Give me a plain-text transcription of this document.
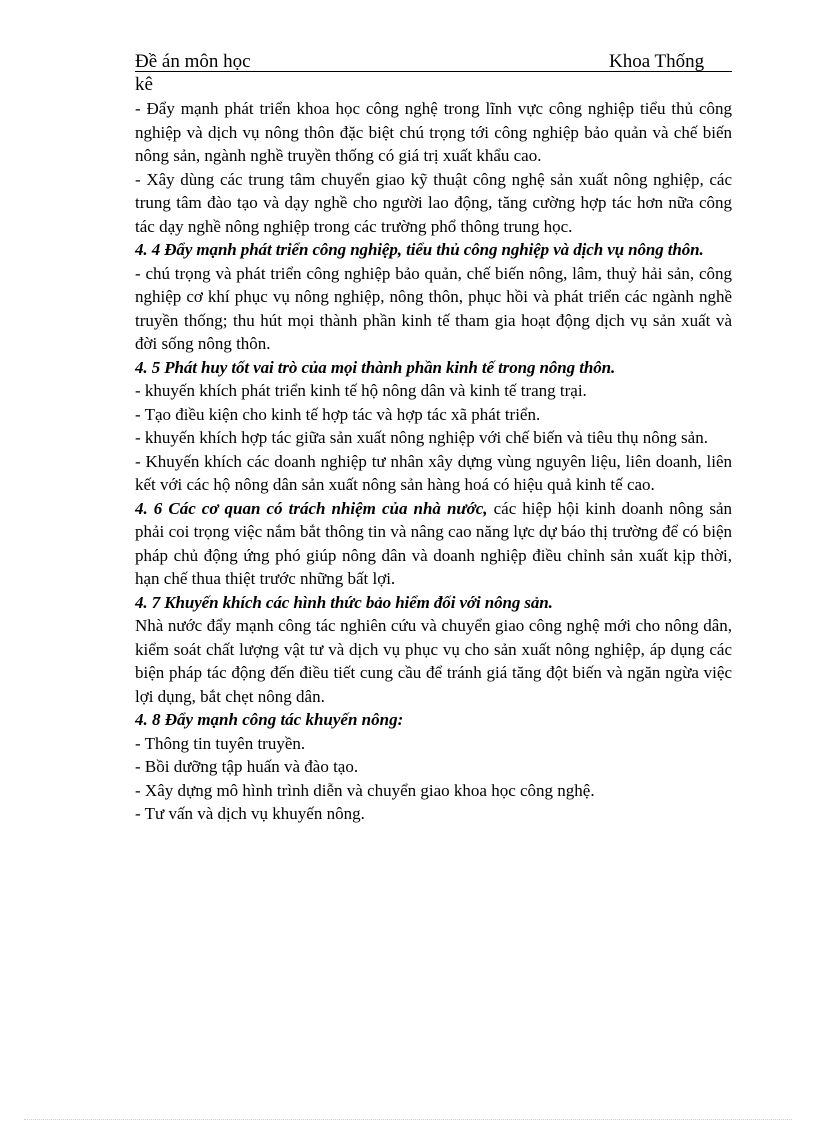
Đề án môn học	Khoa Thống
kê

- Đẩy mạnh phát triển khoa học công nghệ trong lĩnh vực công nghiệp tiểu thủ công nghiệp và dịch vụ nông thôn đặc biệt chú trọng tới công nghiệp bảo quản và chế biến nông sản, ngành nghề truyền thống có giá trị xuất khẩu cao.

- Xây dùng các trung tâm chuyển giao kỹ thuật công nghệ sản xuất nông nghiệp, các trung tâm đào tạo và dạy nghề cho người lao động, tăng cường hợp tác hơn nữa công tác dạy nghề nông nghiệp trong các trường phổ thông trung học.

4. 4 Đẩy mạnh phát triển công nghiệp, tiểu thủ công nghiệp và dịch vụ nông thôn.

- chú trọng và phát triển công nghiệp bảo quản, chế biến nông, lâm, thuỷ hải sản, công nghiệp cơ khí phục vụ nông nghiệp, nông thôn, phục hồi và phát triển các ngành nghề truyền thống; thu hút mọi thành phần kinh tế tham gia hoạt động dịch vụ sản xuất và đời sống nông thôn.

4. 5 Phát huy tốt vai trò của mọi thành phần kinh tế trong nông thôn.

- khuyến khích phát triển kinh tế hộ nông dân và kinh tế trang trại.

- Tạo điều kiện cho kinh tế hợp tác và hợp tác xã phát triển.

- khuyến khích hợp tác giữa sản xuất nông nghiệp với chế biến và tiêu thụ nông sản.

- Khuyến khích các doanh nghiệp tư nhân xây dựng vùng nguyên liệu, liên doanh, liên kết với các hộ nông dân sản xuất nông sản hàng hoá có hiệu quả kinh tế cao.

4. 6 Các cơ quan có trách nhiệm của nhà nước, các hiệp hội kinh doanh nông sản phải coi trọng việc nắm bắt thông tin và nâng cao năng lực dự báo thị trường để có biện pháp chủ động ứng phó giúp nông dân và doanh nghiệp điều chỉnh sản xuất kịp thời, hạn chế thua thiệt trước những bất lợi.

4. 7 Khuyến khích các hình thức bảo hiểm đối với nông sản.

Nhà nước đẩy mạnh công tác nghiên cứu và chuyển giao công nghệ mới cho nông dân, kiểm soát chất lượng vật tư và dịch vụ phục vụ cho sản xuất nông nghiệp, áp dụng các biện pháp tác động đến điều tiết cung cầu để tránh giá tăng đột biến và ngăn ngừa việc lợi dụng, bắt chẹt nông dân.

4. 8 Đẩy mạnh công tác khuyến nông:

- Thông tin tuyên truyền.

- Bồi dưỡng tập huấn và đào tạo.

- Xây dựng mô hình trình diễn và chuyển giao khoa học công nghệ.

- Tư vấn và dịch vụ khuyến nông.
